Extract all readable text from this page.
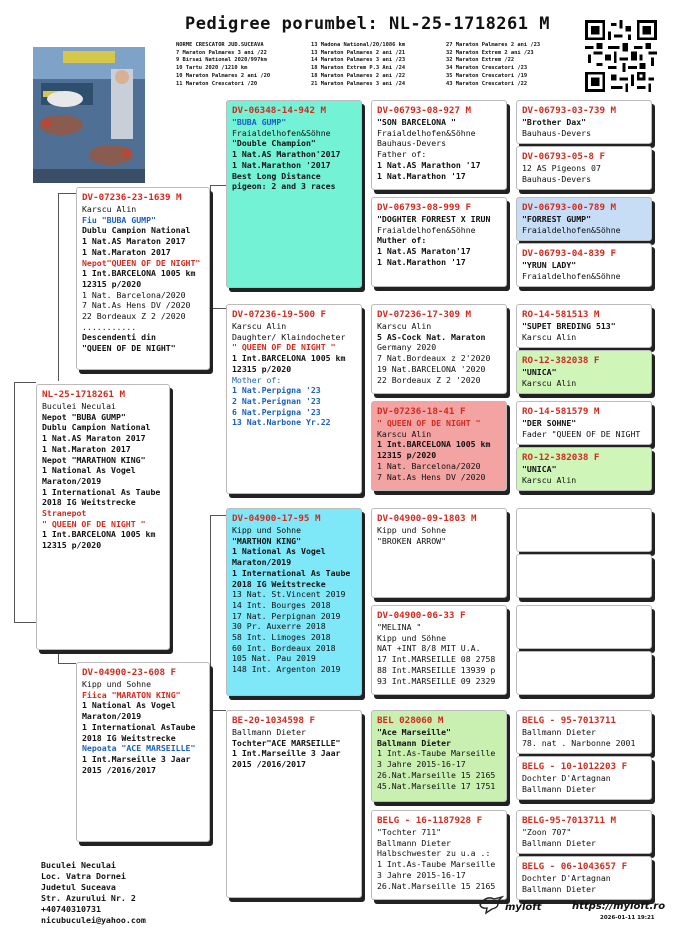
Pedigree porumbel: NL-25-1718261 M
NORME CRESCATOR JUD.SUCEAVA	13 Madona National/20/1086 km	27 Maraton Palmares 2 ani /23
7 Maraton Palmares 3 ani /22	13 Maraton Palmares 2 ani /21	32 Maraton Extrem 2 ani /23
9 Birsai National 2020/997km	14 Maraton Palmares 3 ani /23	32 Maraton Extrem /22
10 Tartu 2020 /1210 km	18 Maraton Extrem P.3 Ani /24	34 Maraton Crescatori /23
10 Maraton Palmares 2 ani /20	18 Maraton Palmares 2 ani /22	35 Maraton Crescatori /19
11 Maraton Crescatori /20	21 Maraton Palmares 3 ani /24	43 Maraton Crescatori /22
NL-25-1718261 M
Buculei Neculai
Nepot "BUBA GUMP"
Dublu Campion National
1 Nat.AS Maraton 2017
1 Nat.Maraton 2017
Nepot "MARATHON KING"
1 National As Vogel
Maraton/2019
1 International As Taube
2018 IG Weitstrecke
Stranepot
" QUEEN OF DE NIGHT "
1 Int.BARCELONA 1005 km
12315 p/2020
DV-07236-23-1639 M
Karscu Alin
Fiu "BUBA GUMP"
Dublu Campion National
1 Nat.AS Maraton 2017
1 Nat.Maraton 2017
Nepot"QUEEN OF DE NIGHT"
1 Int.BARCELONA 1005 km
12315 p/2020
1 Nat. Barcelona/2020
7 Nat.As Hens DV /2020
22 Bordeaux Z 2 /2020
...........
Descendenti din
"QUEEN OF DE NIGHT"
DV-04900-23-608 F
Kipp und Sohne
Fiica "MARATON KING"
1 National As Vogel
Maraton/2019
1 International AsTaube
2018 IG Weitstrecke
Nepoata "ACE MARSEILLE"
1 Int.Marseille 3 Jaar
2015 /2016/2017
DV-06348-14-942 M
"BUBA GUMP"
Fraialdelhofen&Söhne
"Double Champion"
1 Nat.AS Marathon'2017
1 Nat.Marathon '2017
Best Long Distance
pigeon: 2 and 3 races
DV-07236-19-500 F
Karscu Alin
Daughter/ Klaindocheter
" QUEEN OF DE NIGHT "
1 Int.BARCELONA 1005 km
12315 p/2020
Mother of:
1 Nat.Perpigna '23
2 Nat.Perignan '23
6 Nat.Perpigna '23
13 Nat.Narbone Yr.22
DV-04900-17-95 M
Kipp und Sohne
"MARTHON KING"
1 National As Vogel
Maraton/2019
1 International As Taube
2018 IG Weitstrecke
13 Nat. St.Vincent 2019
14 Int. Bourges 2018
17 Nat. Perpignan 2019
30 Pr. Auxerre 2018
58 Int. Limoges 2018
60 Int. Bordeaux 2018
105 Nat. Pau 2019
148 Int. Argenton 2019
BE-20-1034598 F
Ballmann Dieter
Tochter"ACE MARSEILLE"
1 Int.Marseille 3 Jaar
2015 /2016/2017
DV-06793-08-927 M
"SON BARCELONA "
Fraialdelhofen&Söhne
Bauhaus-Devers
Father of:
1 Nat.AS Marathon '17
1 Nat.Marathon '17
DV-06793-08-999 F
"DOGHTER FORREST X IRUN
Fraialdelhofen&Söhne
Muther of:
1 Nat.AS Maraton'17
1 Nat.Marathon '17
DV-07236-17-309 M
Karscu Alin
5 AS-Cock Nat. Maraton
Germany 2020
7 Nat.Bordeaux z 2'2020
19 Nat.BARCELONA '2020
22 Bordeaux Z 2 '2020
DV-07236-18-41 F
" QUEEN OF DE NIGHT "
Karscu Alin
1 Int.BARCELONA 1005 km
12315 p/2020
1 Nat. Barcelona/2020
7 Nat.As Hens DV /2020
DV-04900-09-1803 M
Kipp und Sohne
"BROKEN ARROW"
DV-04900-06-33 F
"MELINA "
Kipp und Söhne
NAT +INT 8/8 MIT U.A.
17 Int.MARSEILLE 08 2758
88 Int.MARSEILLE 13939 p
93 Int.MARSEILLE 09 2329
BEL 028060 M
"Ace Marseille"
Ballmann Dieter
1 Int.As-Taube Marseille
3 Jahre 2015-16-17
26.Nat.Marseille 15 2165
45.Nat.Marseille 17 1751
BELG - 16-1187928 F
"Tochter 711"
Ballmann Dieter
Halbschwester zu u.a .:
1 Int.As-Taube Marseille
3 Jahre 2015-16-17
26.Nat.Marseille 15 2165
DV-06793-03-739 M
"Brother Dax"
Bauhaus-Devers
DV-06793-05-8 F
12 AS Pigeons 07
Bauhaus-Devers
DV-06793-00-789 M
"FORREST GUMP"
Fraialdelhofen&Söhne
DV-06793-04-839 F
"YRUN LADY"
Fraialdelhofen&Söhne
RO-14-581513 M
"SUPET BREDING 513"
Karscu Alin
RO-12-382038 F
"UNICA"
Karscu Alin
RO-14-581579 M
"DER SOHNE"
Fader "QUEEN OF DE NIGHT
RO-12-382038 F
"UNICA"
Karscu Alin
BELG - 95-7013711
Ballmann Dieter
78. nat . Narbonne 2001
BELG - 10-1012203 F
Dochter D'Artagnan
Ballmann Dieter
BELG-95-7013711 M
"Zoon 707"
Ballmann Dieter
BELG - 06-1043657 F
Dochter D'Artagnan
Ballmann Dieter
Buculei Neculai
Loc. Vatra Dornei
Judetul Suceava
Str. Azurului Nr. 2
+40740310731
nicubuculei@yahoo.com
myloft	https://myloft.ro
2026-01-11 19:21
